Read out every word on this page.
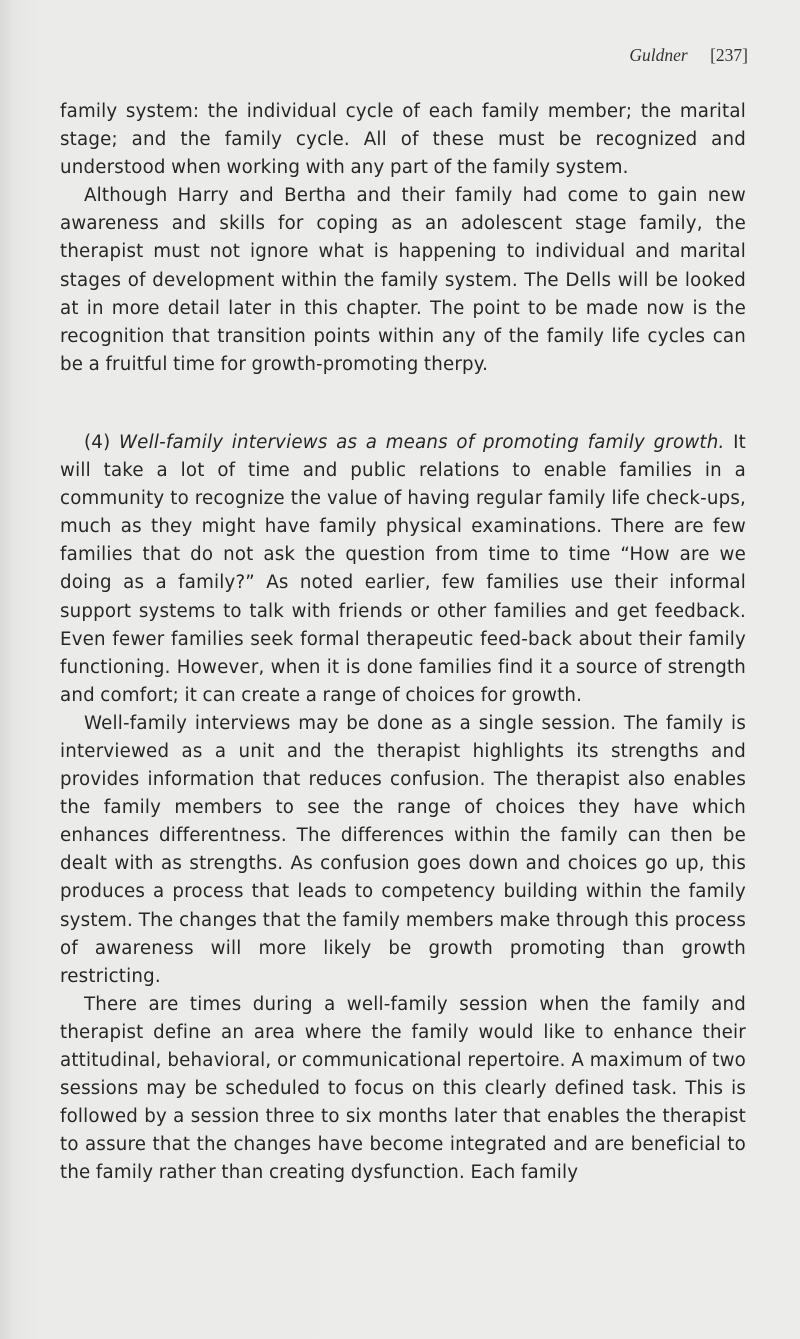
Guldner [237]

family system: the individual cycle of each family member; the marital stage; and the family cycle. All of these must be recognized and understood when working with any part of the family system.

Although Harry and Bertha and their family had come to gain new awareness and skills for coping as an adolescent stage family, the therapist must not ignore what is happening to individual and marital stages of development within the family system. The Dells will be looked at in more detail later in this chapter. The point to be made now is the recognition that transition points within any of the family life cycles can be a fruitful time for growth-promoting therpy.

(4) Well-family interviews as a means of promoting family growth. It will take a lot of time and public relations to enable families in a community to recognize the value of having regular family life check-ups, much as they might have family physical examinations. There are few families that do not ask the question from time to time “How are we doing as a family?” As noted earlier, few families use their informal support systems to talk with friends or other families and get feedback. Even fewer families seek formal therapeutic feed-back about their family functioning. However, when it is done families find it a source of strength and comfort; it can create a range of choices for growth.

Well-family interviews may be done as a single session. The family is interviewed as a unit and the therapist highlights its strengths and provides information that reduces confusion. The therapist also enables the family members to see the range of choices they have which enhances differentness. The differences within the family can then be dealt with as strengths. As confusion goes down and choices go up, this produces a process that leads to competency building within the family system. The changes that the family members make through this process of awareness will more likely be growth promoting than growth restricting.

There are times during a well-family session when the family and therapist define an area where the family would like to enhance their attitudinal, behavioral, or communicational repertoire. A maximum of two sessions may be scheduled to focus on this clearly defined task. This is followed by a session three to six months later that enables the therapist to assure that the changes have become integrated and are beneficial to the family rather than creating dysfunction. Each family
